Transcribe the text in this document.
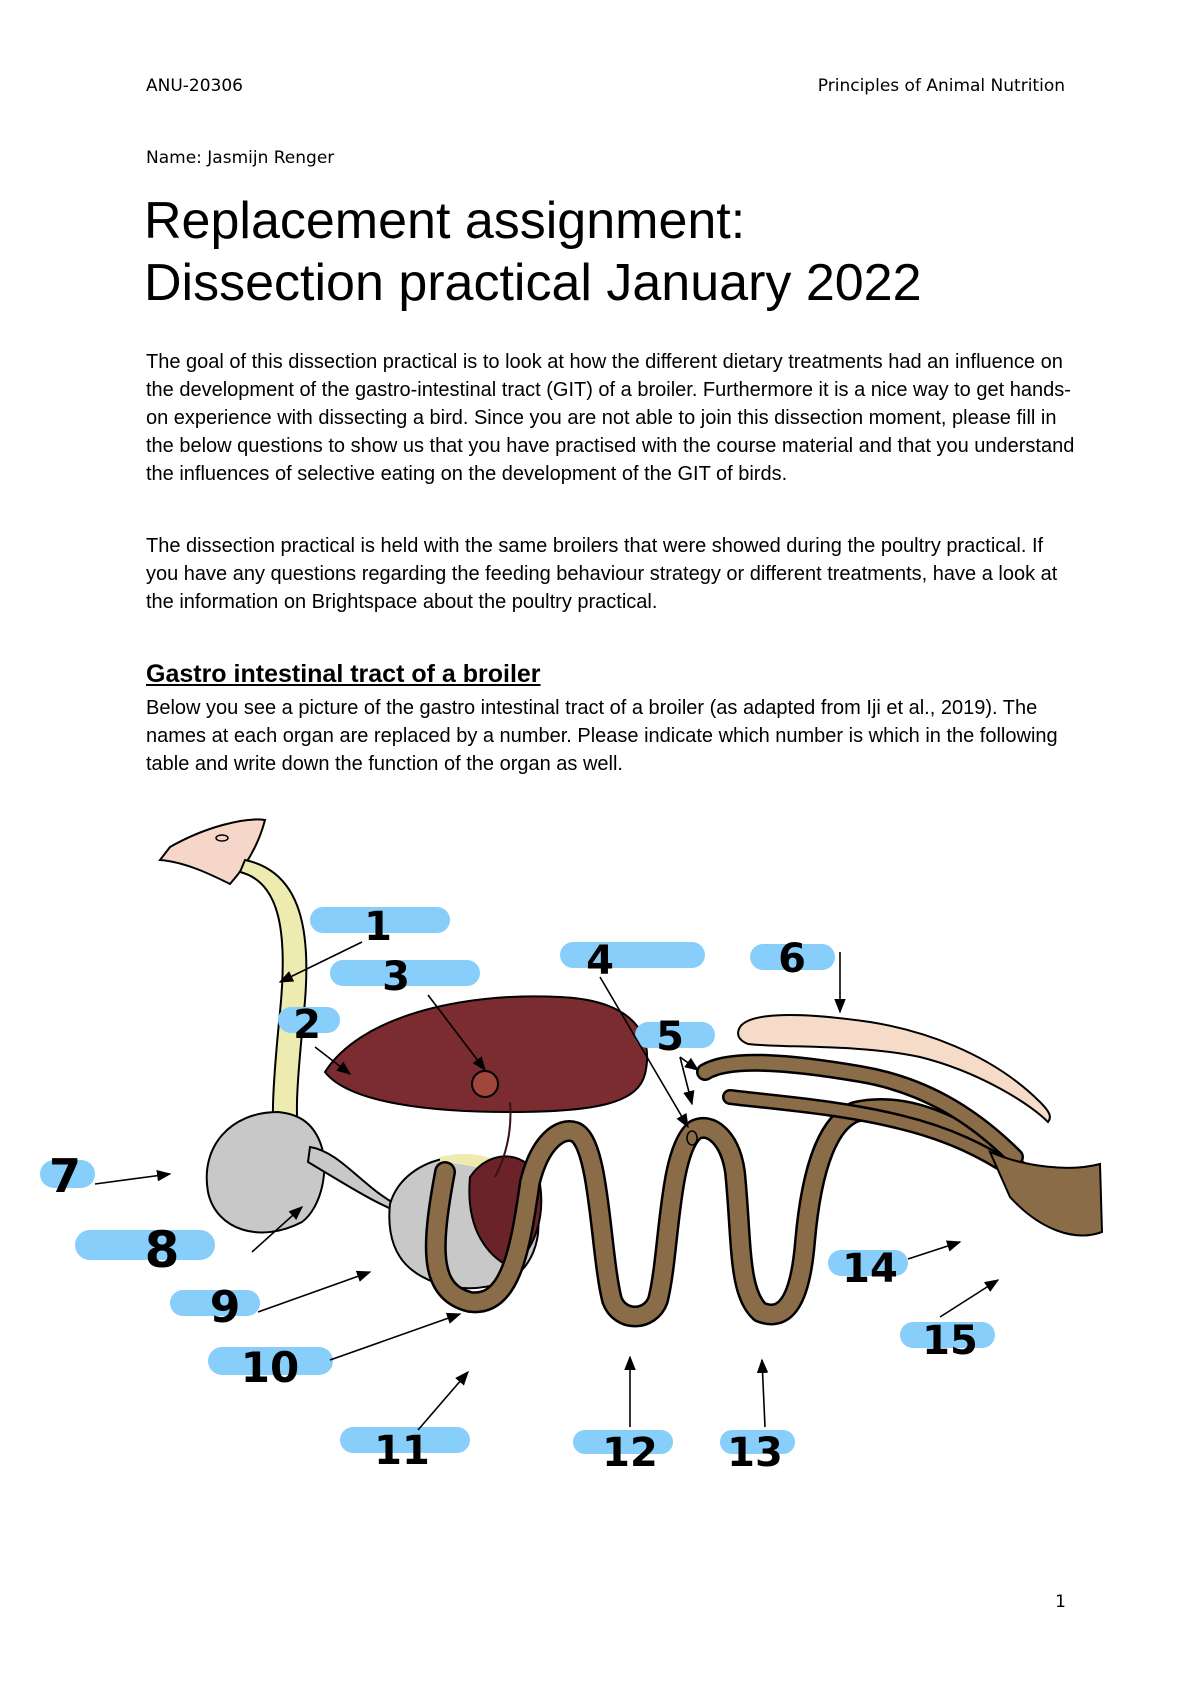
ANU-20306	Principles of Animal Nutrition
Name: Jasmijn Renger
Replacement assignment:
Dissection practical January 2022

The goal of this dissection practical is to look at how the different dietary treatments had an influence on the development of the gastro-intestinal tract (GIT) of a broiler. Furthermore it is a nice way to get hands-on experience with dissecting a bird. Since you are not able to join this dissection moment, please fill in the below questions to show us that you have practised with the course material and that you understand the influences of selective eating on the development of the GIT of birds.

The dissection practical is held with the same broilers that were showed during the poultry practical. If you have any questions regarding the feeding behaviour strategy or different treatments, have a look at the information on Brightspace about the poultry practical.

Gastro intestinal tract of a broiler

Below you see a picture of the gastro intestinal tract of a broiler (as adapted from Iji et al., 2019). The names at each organ are replaced by a number. Please indicate which number is which in the following table and write down the function of the organ as well.

1
2
3	4
5
6
7
8
9
10
11	12 13
14
15
1
